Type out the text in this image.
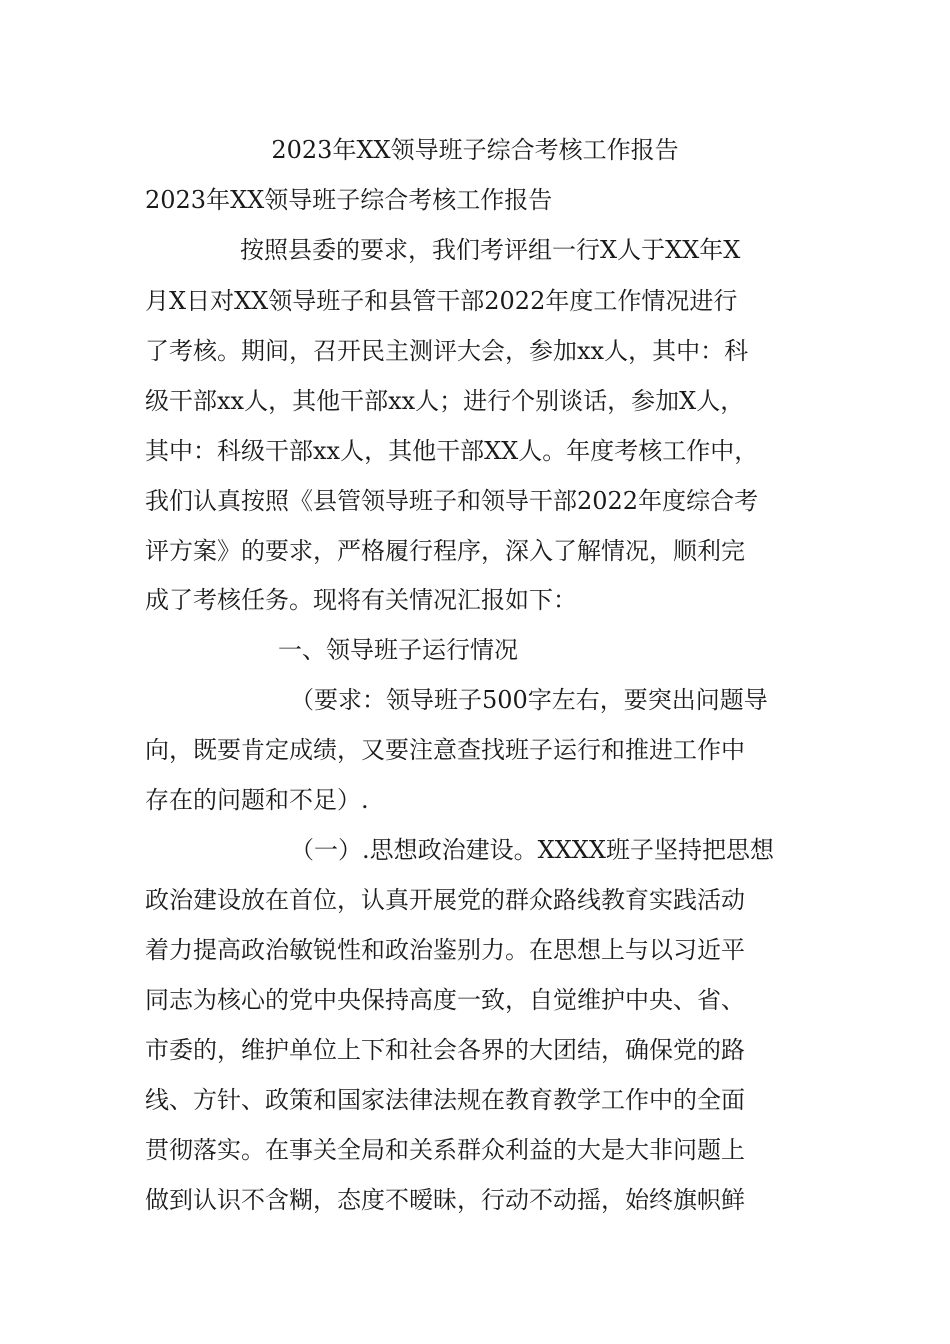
2023年XX领导班子综合考核工作报告
2023年XX领导班子综合考核工作报告
按照县委的要求，我们考评组一行X人于XX年X
月X日对XX领导班子和县管干部2022年度工作情况进行
了考核。期间，召开民主测评大会，参加xx人，其中：科
级干部xx人，其他干部xx人；进行个别谈话，参加X人，
其中：科级干部xx人，其他干部XX人。年度考核工作中，
我们认真按照《县管领导班子和领导干部2022年度综合考
评方案》的要求，严格履行程序，深入了解情况，顺利完
成了考核任务。现将有关情况汇报如下：
一、领导班子运行情况
（要求：领导班子500字左右，要突出问题导
向，既要肯定成绩，又要注意查找班子运行和推进工作中
存在的问题和不足）.
（一）.思想政治建设。XXXX班子坚持把思想
政治建设放在首位，认真开展党的群众路线教育实践活动
着力提高政治敏锐性和政治鉴别力。在思想上与以习近平
同志为核心的党中央保持高度一致，自觉维护中央、省、
市委的，维护单位上下和社会各界的大团结，确保党的路
线、方针、政策和国家法律法规在教育教学工作中的全面
贯彻落实。在事关全局和关系群众利益的大是大非问题上
做到认识不含糊，态度不暧昧，行动不动摇，始终旗帜鲜
